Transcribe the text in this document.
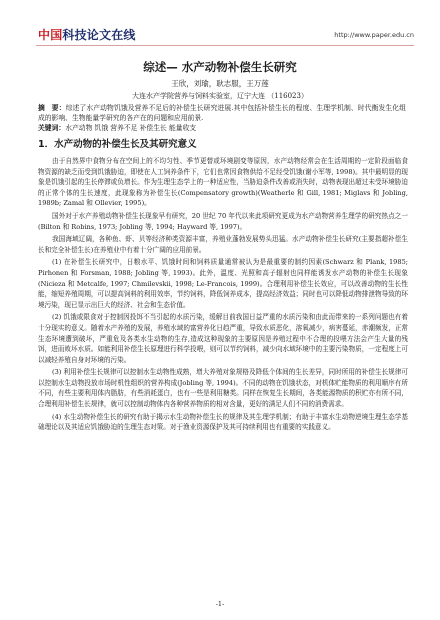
中国科技论文在线	http://www.paper.edu.cn
综述— 水产动物补偿生长研究
王欣，刘瑜，耿志服，王万莲
大连水产学院营养与饲料实验室，辽宁大连 （116023）
摘　要：综述了水产动物饥饿及营养不足后的补偿生长研究进展.其中包括补偿生长的程度、生理学机制、时代衡发生化组成的影响、生物能量学研究的各产在的问题和应用前景.
关键词：水产动物 饥饿 营养不足 补偿生长 能量收支
1．水产动物的补偿生长及其研究意义

由于自然界中食物分布在空间上的不均匀性、季节更替或环境剧变等原因，水产动物经常会在生活周期的一定阶段面临食物资源的缺乏而受到饥饿胁迫，即使在人工饲养条件下，它们也常因食物供给不足经受饥饿(谢小军等, 1998)。其中最明显的现象是饥饿引起的生长停滞或负增长。作为生理生态学上的一种适应性，当胁迫条件改善或消失时，动物表现出超过未受环境胁迫的正常个体的生长速度，此现象称为补偿生长(Compensatory growth)(Weatherle 和 Gill, 1981; Miglavs 和 Jobling, 1989b; Zamal 和 Ollevier, 1995)。

国外对于水产养殖动物补偿生长现象早有研究，20 世纪 70 年代以来此项研究更成为水产动物营养生理学的研究热点之一 (Bilton 和 Robins, 1973; Jobling 等, 1994; Hayward 等, 1997)。

我国海域辽阔，各种鱼、虾、贝等经济种类资源丰富，养殖业蓬勃发展势头迅猛。水产动物补偿生长研究(主要指超补偿生长和完全补偿生长)在养殖业中有着十分广阔的应用前景。

(1) 在补偿生长研究中，日粮水平、饥饿时间和饲料质量通常被认为是最重要的制约因素(Schwarz 和 Plank, 1985; Pirhonen 和 Forsman, 1988; Jobling 等, 1993)。此外，温度、光照和高子辐射也同样能诱发水产动物的补偿生长现象(Nicieza 和 Metcalfe, 1997; Chmilevskii, 1998; Le-Francois, 1999)。合理利用补偿生长效应，可以改善动物的生长性能，缩短养殖周期，可以提高饲料的利用效率，节约饲料，降低饲养成本，提高经济效益；同时也可以降低动物排泄物导致的环境污染，现已显示出巨大的经济、社会和生态价值。

(2) 饥饿或限食对于控制因投饵不当引起的水质污染，缓解目前我国日益严重的水质污染和由此而带来的一系列问题也有着十分现实的意义。随着水产养殖的发展，养殖水域的富营养化日趋严重，导致水质恶化，溶氧减少，病害蔓延，赤潮频发，正常生态环境遭到破坏，严重危及各类水生动物的生存,造成这种现象的主要原因是养殖过程中不合理的投喂方法会产生大量的残饵，进而败坏水质。如能利用补偿生长原理进行科学投喂，则可以节约饲料，减少向水域环境中的主要污染物质，一定程度上可以减轻养殖自身对环境的污染。

(3) 利用补偿生长规律可以控制水生动物性成熟，增大养殖对象规格及降低个体间的生长差异，同时所用的补偿生长规律可以控制水生动物投放市场时机性组织的营养构成(Jobling 等, 1994)。不同的动物在饥饿状态，对机体贮能物质的利用顺序有所不同，有些主要利用体内脂肪，有些消耗蛋白，也有一些是利用糖类。同样在恢复生长期间，各类能源物质的积贮亦有所不同，合理利用补偿生长规律，就可以控制动物体内各种营养物质的相对含量，更好的满足人们不同的消费需求。

(4) 水生动物补偿生长的研究有助于揭示水生动物补偿生长的规律及其生理学机制；有助于丰富水生动物逆境生理生态学基础理论以及其适应饥饿胁迫的生理生态对策。对于渔业资源保护及其可持续利用也有重要的实践意义。

-1-
